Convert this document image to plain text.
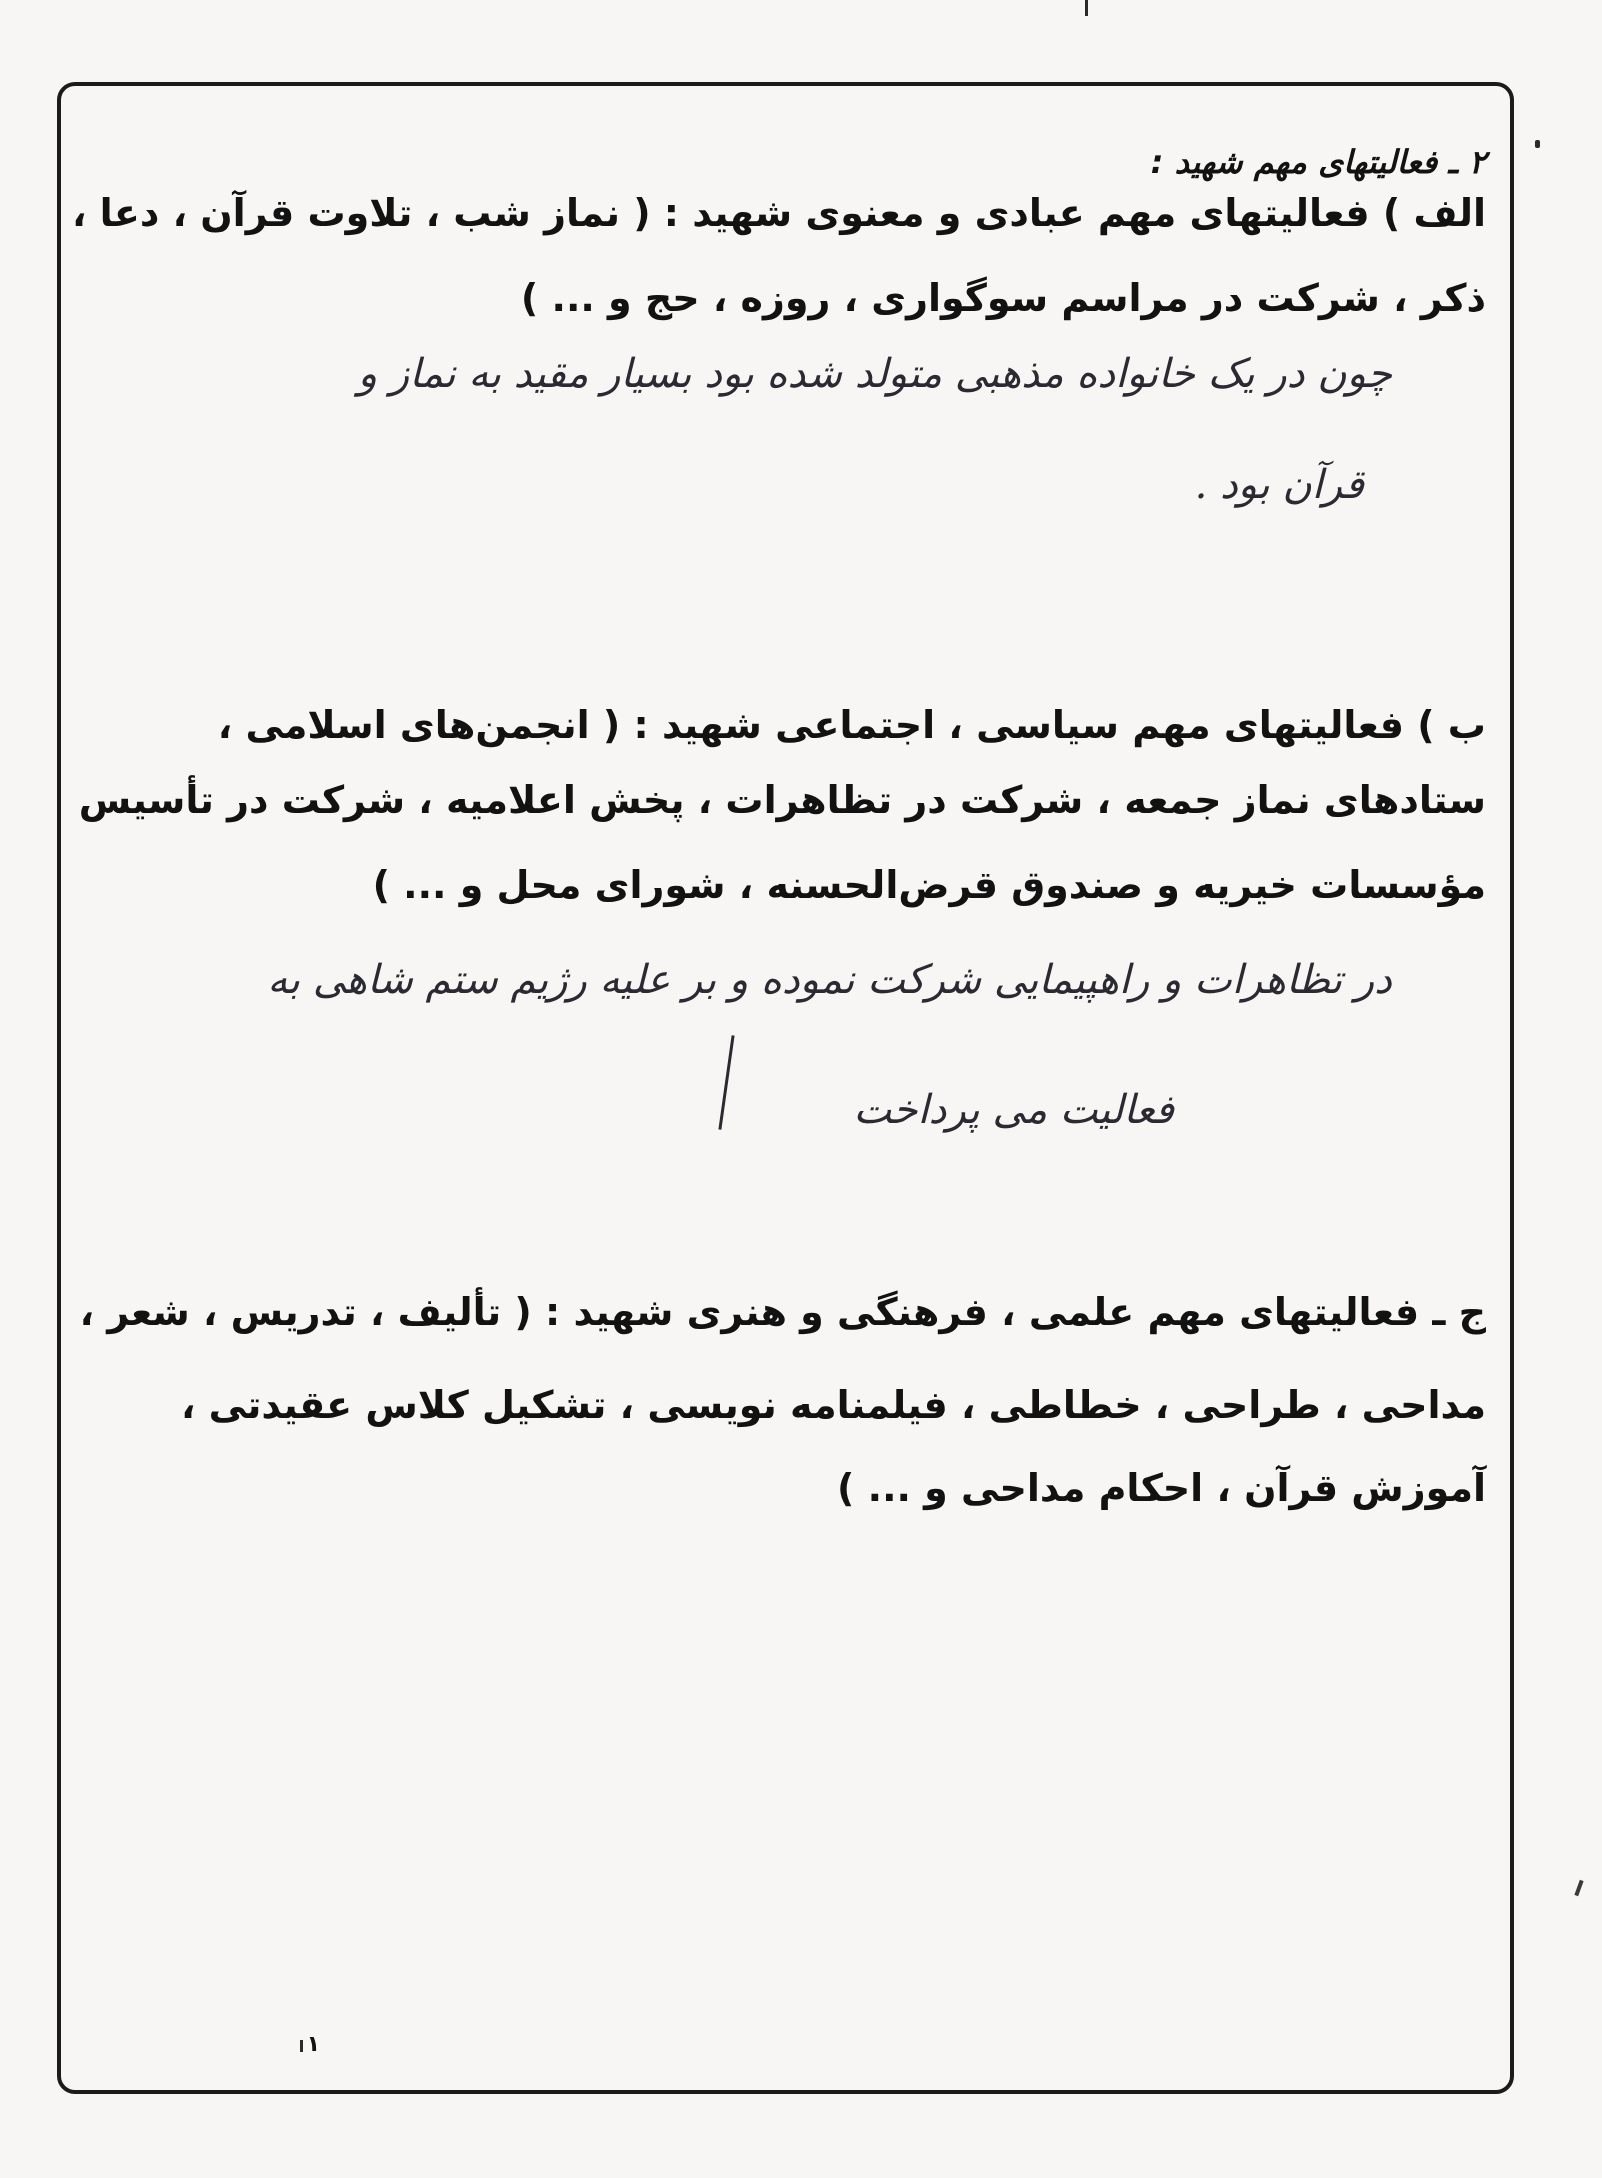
۲ ـ فعالیتهای مهم شهید :
الف ) فعالیتهای مهم عبادی و معنوی شهید : ( نماز شب ، تلاوت قرآن ، دعا ،
ذکر ، شرکت در مراسم سوگواری ، روزه ، حج و ... )
چون در یک خانواده مذهبی متولد شده بود بسیار مقید به نماز و
قرآن بود .
ب ) فعالیتهای مهم سیاسی ، اجتماعی شهید : ( انجمن‌های اسلامی ،
ستادهای نماز جمعه ، شرکت در تظاهرات ، پخش اعلامیه ، شرکت در تأسیس
مؤسسات خیریه و صندوق قرض‌الحسنه ، شورای محل و ... )
در تظاهرات و راهپیمایی شرکت نموده و بر علیه رژیم ستم شاهی به
فعالیت می پرداخت
ج ـ فعالیتهای مهم علمی ، فرهنگی و هنری شهید : ( تألیف ، تدریس ، شعر ،
مداحی ، طراحی ، خطاطی ، فیلمنامه نویسی ، تشکیل کلاس عقیدتی ،
آموزش قرآن ، احکام مداحی و ... )
۱
